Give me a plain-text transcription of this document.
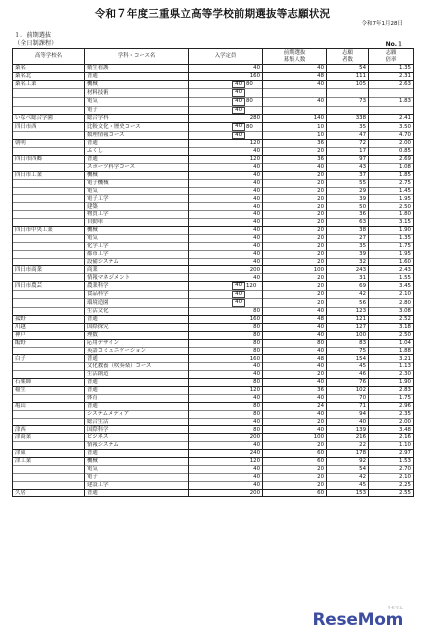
令和７年度三重県立高等学校前期選抜等志願状況
令和7年1月28日
１．前期選抜
（全日制課程）	No.１
高等学校名	学科・コース名	入学定員	前期選抜
募集人数	志願
者数	志願
倍率
桑名	衛生看護	40	40	54	1.35
桑名北	普通	160	48	111	2.31
桑名工業	機械	40 80	40	105	2.63
	材料技術	40			

	電気	40 80	40	73	1.83
	電子	40			

いなべ総合学園	総合学科	280	140	338	2.41
四日市西	比較文化・歴史コース	40 80	10	35	3.50
	数理情報コース	40	10	47	4.70
朝明	普通	120	36	72	2.00
	ふくし	40	20	17	0.85
四日市四郷	普通	120	36	97	2.69
	スポーツ科学コース	40	40	43	1.08
四日市工業	機械	40	20	37	1.85
	電子機械	40	20	55	2.75
	電気	40	20	29	1.45
	電子工学	40	20	39	1.95
	建築	40	20	50	2.50
	物質工学	40	20	36	1.80
	自動車	40	20	63	3.15
四日市中央工業	機械	40	20	38	1.90
	電気	40	20	27	1.35
	化学工学	40	20	35	1.75
	都市工学	40	20	39	1.95
	設備システム	40	20	32	1.60
四日市商業	商業	200	100	243	2.43
	情報マネジメント	40	20	31	1.55
四日市農芸	農業科学	40 120	20	69	3.45
	食品科学	40	20	42	2.10
	環境造園	40	20	56	2.80
	生活文化	80	40	123	3.08
菰野	普通	160	48	121	2.52
川越	国際探究	80	40	127	3.18
神戸	理数	80	40	100	2.50
飯野	応用デザイン	80	80	83	1.04
	英語コミュニケーション	80	40	75	1.88
白子	普通	160	48	154	3.21
	文化教養（吹奏楽）コース	40	40	45	1.13
	生活創造	40	20	46	2.30
石薬師	普通	80	40	76	1.90
稲生	普通	120	36	102	2.83
	体育	40	40	70	1.75
亀山	普通	80	24	71	2.96
	システムメディア	80	40	94	2.35
	総合生活	40	20	40	2.00
津西	国際科学	80	40	139	3.48
津商業	ビジネス	200	100	216	2.16
	情報システム	40	20	22	1.10
津東	普通	240	60	178	2.97
津工業	機械	120	60	92	1.53
	電気	40	20	54	2.70
	電子	40	20	42	2.10
	建設工学	40	20	45	2.25
久居	普通	200	60	153	2.55
リセマム
ReseMom
